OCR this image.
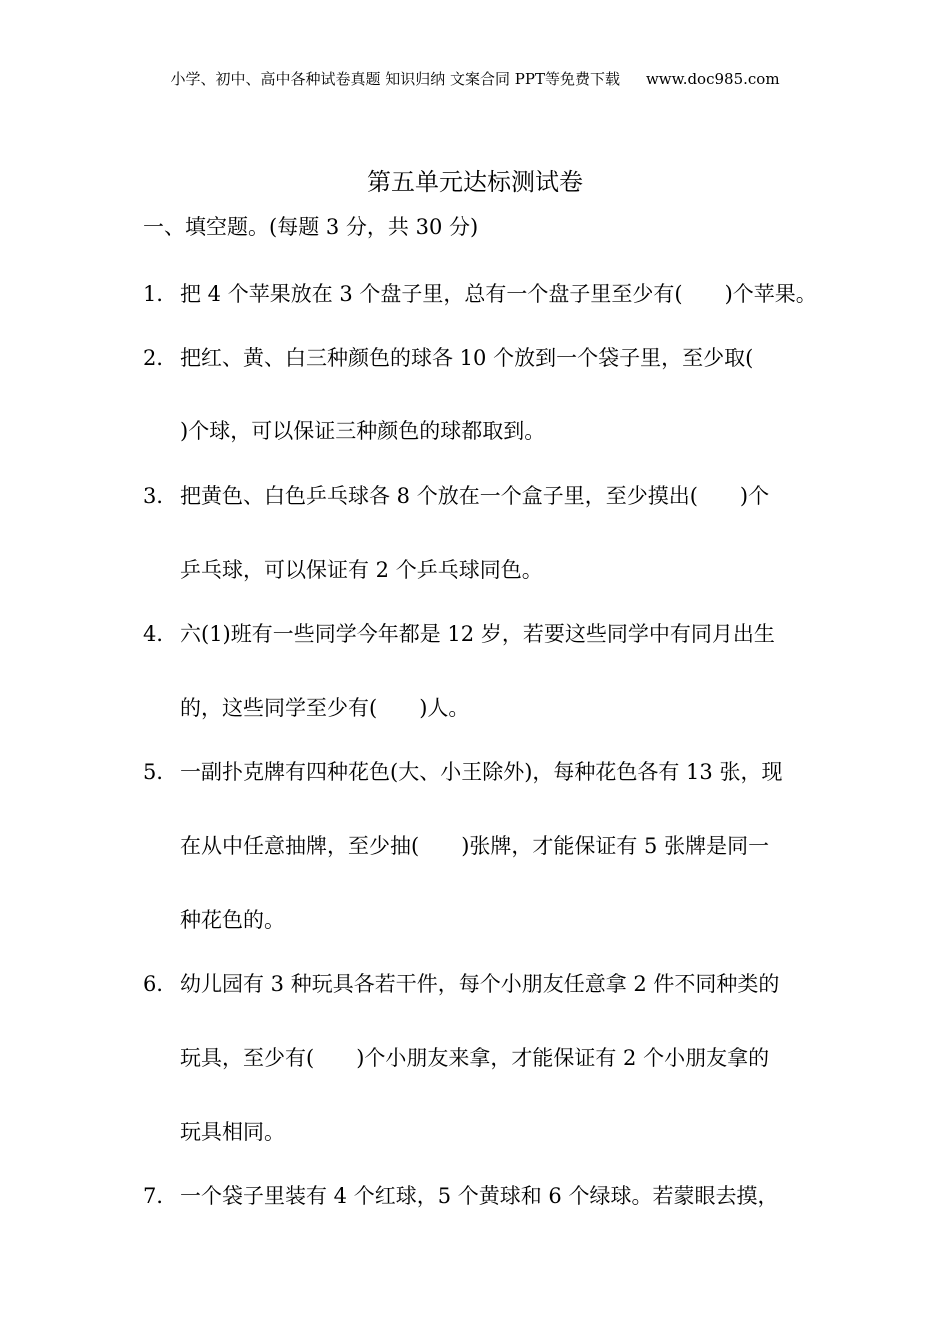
小学、初中、高中各种试卷真题 知识归纳 文案合同 PPT等免费下载 www.doc985.com
第五单元达标测试卷
一、填空题。(每题 3 分，共 30 分)
1． 把 4 个苹果放在 3 个盘子里，总有一个盘子里至少有(　　)个苹果。
2． 把红、黄、白三种颜色的球各 10 个放到一个袋子里，至少取(
)个球，可以保证三种颜色的球都取到。
3． 把黄色、白色乒乓球各 8 个放在一个盒子里，至少摸出(　　)个
乒乓球，可以保证有 2 个乒乓球同色。
4． 六(1)班有一些同学今年都是 12 岁，若要这些同学中有同月出生
的，这些同学至少有(　　)人。
5． 一副扑克牌有四种花色(大、小王除外)，每种花色各有 13 张，现
在从中任意抽牌，至少抽(　　)张牌，才能保证有 5 张牌是同一
种花色的。
6． 幼儿园有 3 种玩具各若干件，每个小朋友任意拿 2 件不同种类的
玩具，至少有(　　)个小朋友来拿，才能保证有 2 个小朋友拿的
玩具相同。
7． 一个袋子里装有 4 个红球，5 个黄球和 6 个绿球。若蒙眼去摸，
